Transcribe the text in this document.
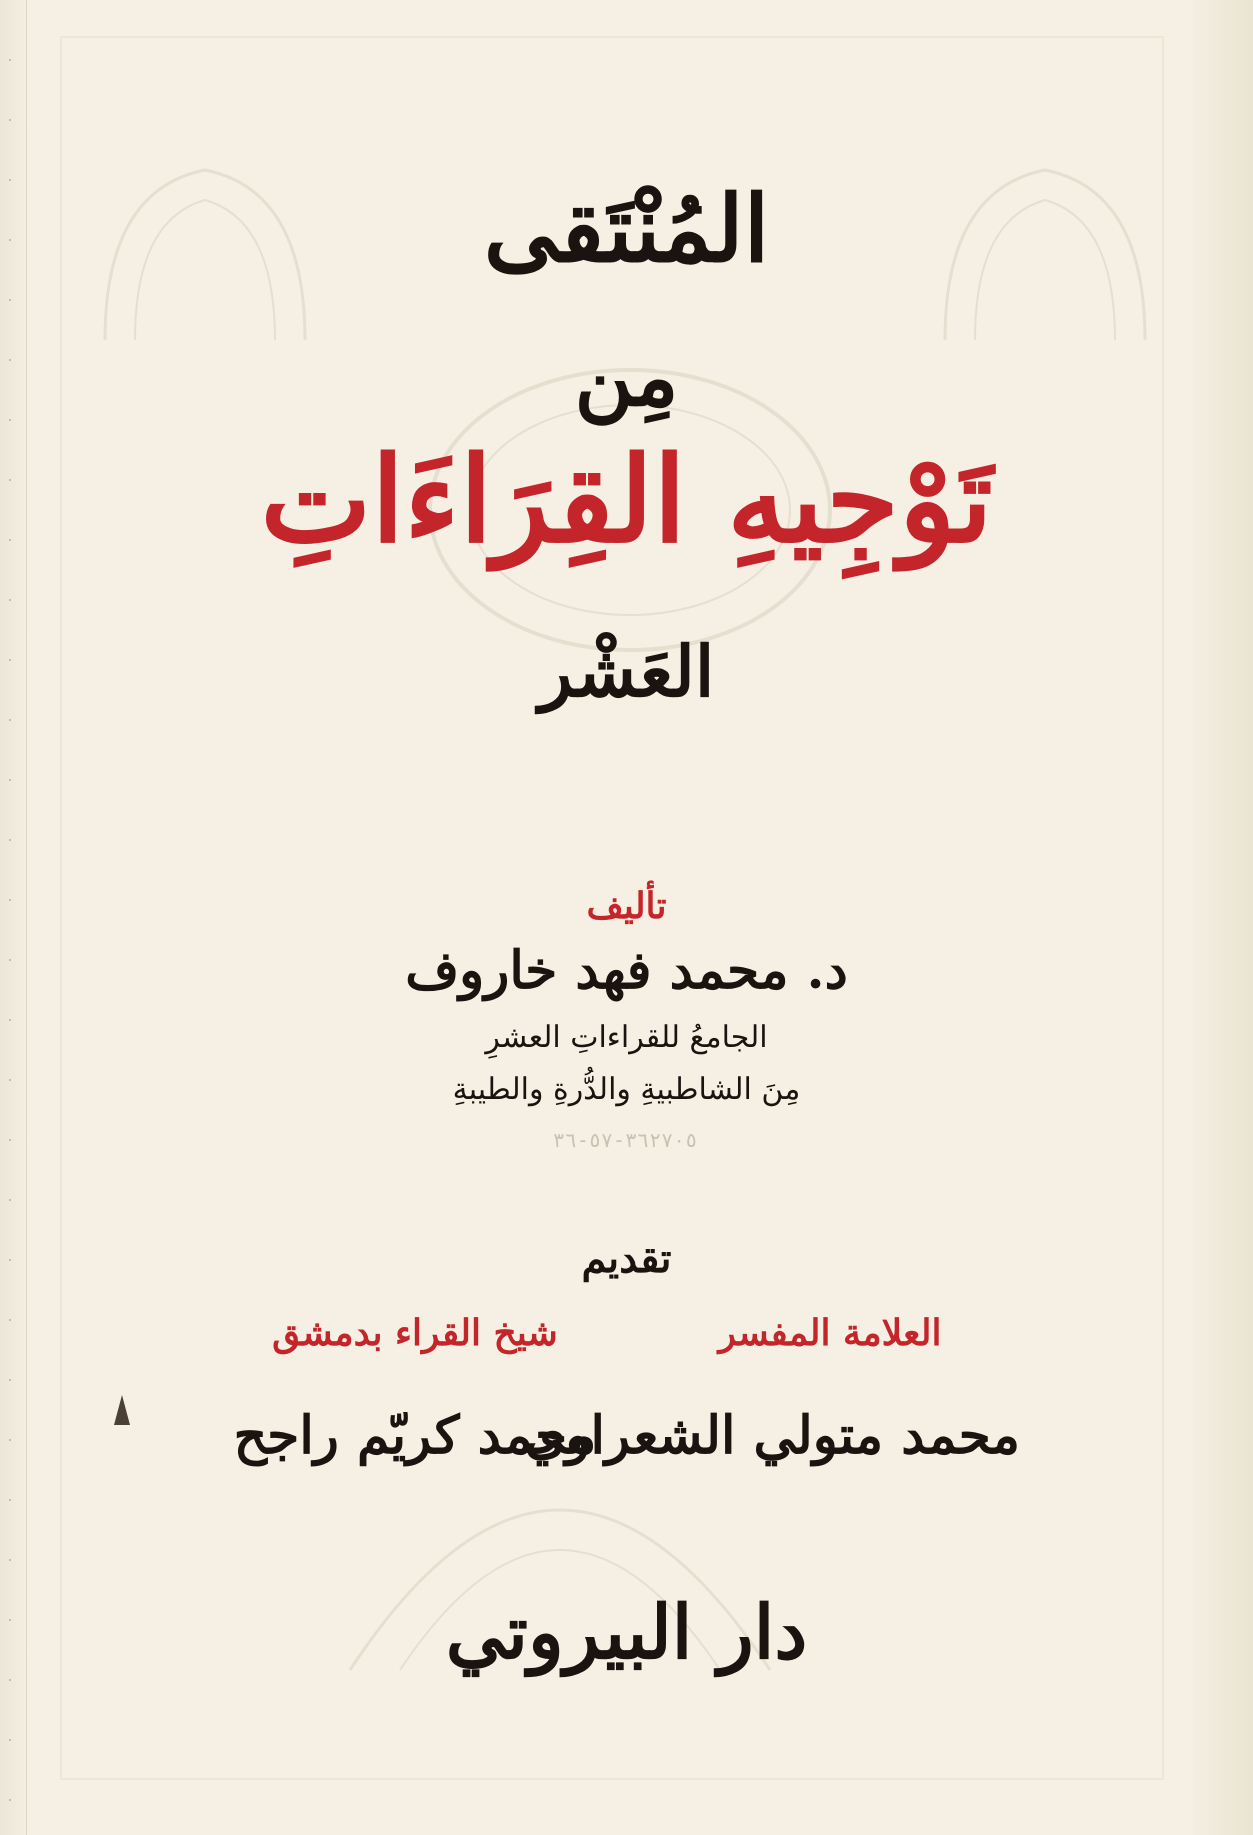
المُنْتَقى
مِن
تَوْجِيهِ القِرَاءَاتِ
العَشْر
تأليف
د. محمد فهد خاروف
الجامعُ للقراءاتِ العشرِ
مِنَ الشاطبيةِ والدُّرةِ والطيبةِ
٣٦٢٧٠٥-٥٧-٣٦
تقديم
العلامة المفسر
شيخ القراء بدمشق
محمد متولي الشعراوي
محمد كريّم راجح
دار البيروتي
